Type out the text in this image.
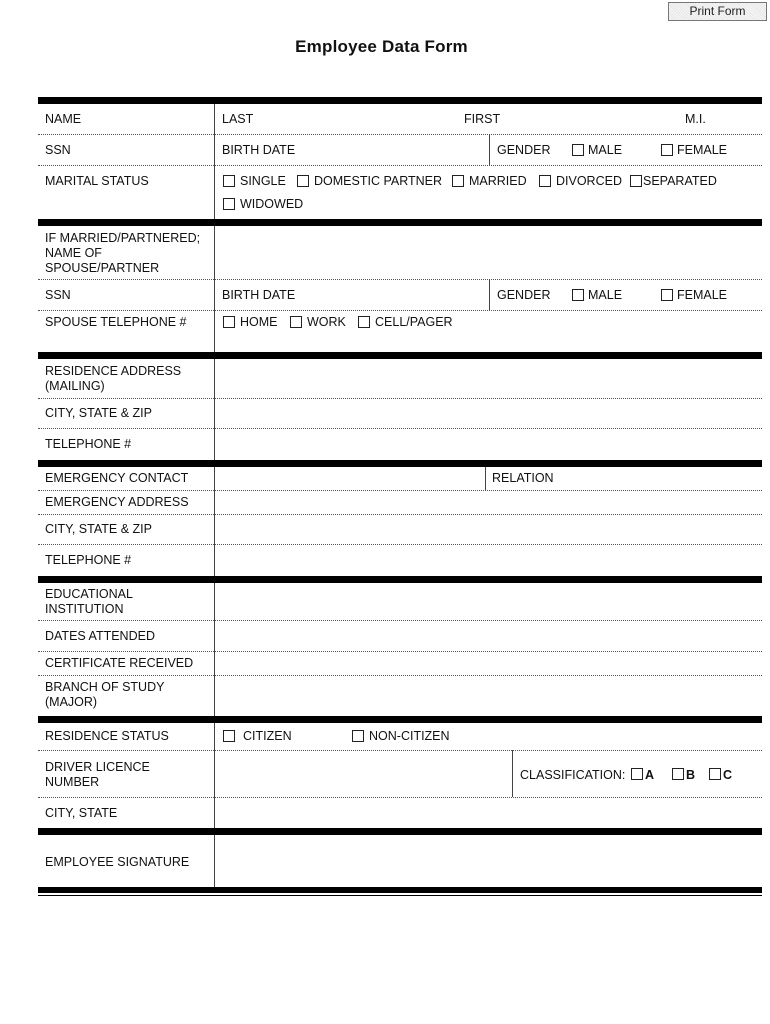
Print Form
Employee Data Form
NAME	LAST	FIRST	M.I.
SSN	BIRTH DATE	GENDER	MALE	FEMALE
MARITAL STATUS	SINGLE DOMESTIC PARTNER MARRIED DIVORCED SEPARATED
WIDOWED
IF MARRIED/PARTNERED;
NAME OF
SPOUSE/PARTNER
SSN	BIRTH DATE	GENDER	MALE	FEMALE
SPOUSE TELEPHONE #	HOME WORK CELL/PAGER
RESIDENCE ADDRESS
(MAILING)
CITY, STATE & ZIP
TELEPHONE #
EMERGENCY CONTACT	RELATION
EMERGENCY ADDRESS
CITY, STATE & ZIP
TELEPHONE #
EDUCATIONAL
INSTITUTION
DATES ATTENDED
CERTIFICATE RECEIVED
BRANCH OF STUDY
(MAJOR)
RESIDENCE STATUS	CITIZEN	NON-CITIZEN
DRIVER LICENCE
NUMBER	CLASSIFICATION: A	B C
CITY, STATE
EMPLOYEE SIGNATURE
